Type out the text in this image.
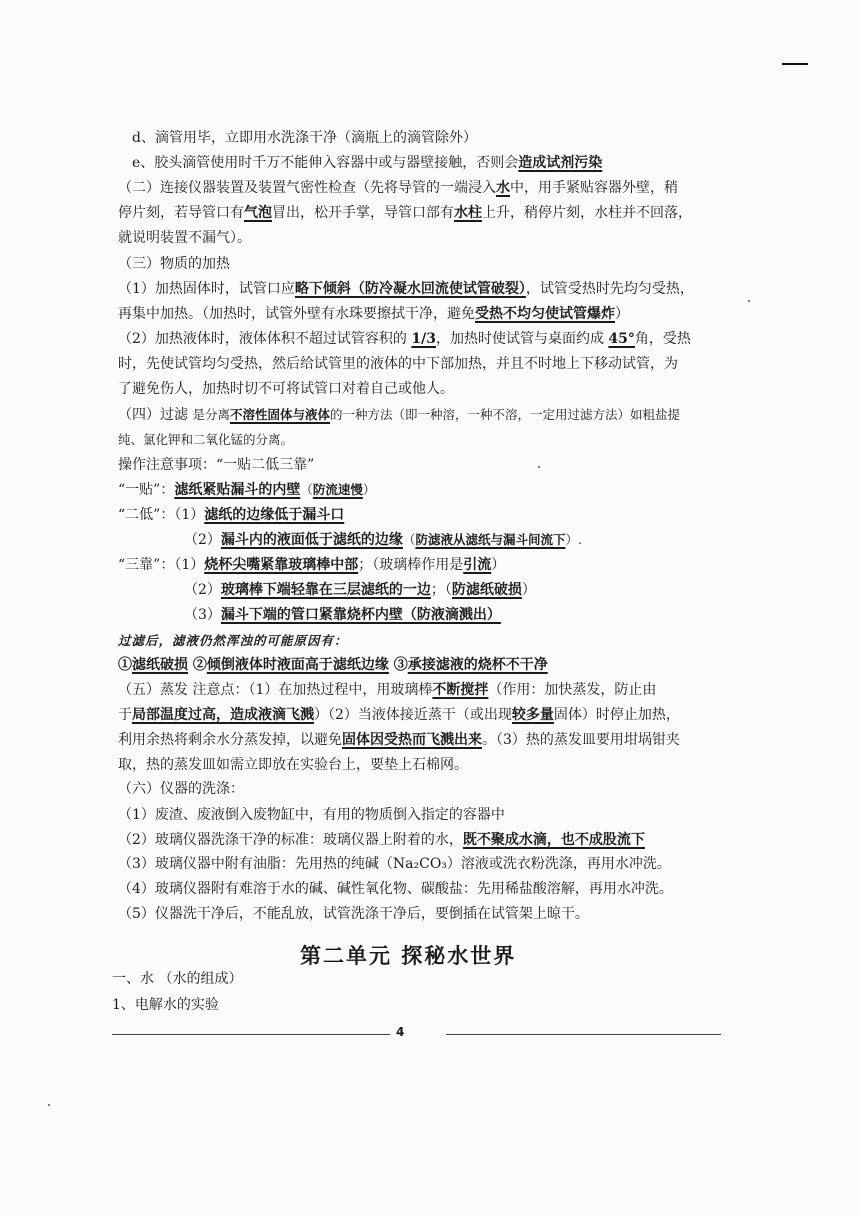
d、滴管用毕，立即用水洗涤干净（滴瓶上的滴管除外）
e、胶头滴管使用时千万不能伸入容器中或与器壁接触，否则会造成试剂污染
（二）连接仪器装置及装置气密性检查（先将导管的一端浸入水中，用手紧贴容器外壁，稍
停片刻，若导管口有气泡冒出，松开手掌，导管口部有水柱上升，稍停片刻，水柱并不回落，
就说明装置不漏气）。
（三）物质的加热
（1）加热固体时，试管口应略下倾斜（防冷凝水回流使试管破裂），试管受热时先均匀受热，
再集中加热。（加热时，试管外壁有水珠要擦拭干净，避免受热不均匀使试管爆炸）
（2）加热液体时，液体体积不超过试管容积的 1/3，加热时使试管与桌面约成 45°角，受热
时，先使试管均匀受热，然后给试管里的液体的中下部加热，并且不时地上下移动试管，为
了避免伤人，加热时切不可将试管口对着自己或他人。
（四）过滤 是分离不溶性固体与液体的一种方法（即一种溶，一种不溶，一定用过滤方法）如粗盐提
纯、氯化钾和二氧化锰的分离。
操作注意事项：“一贴二低三靠”
“一贴”：滤纸紧贴漏斗的内壁（防流速慢）
“二低”：（1）滤纸的边缘低于漏斗口
（2）漏斗内的液面低于滤纸的边缘（防滤液从滤纸与漏斗间流下）.
“三靠”：（1）烧杯尖嘴紧靠玻璃棒中部；（玻璃棒作用是引流）
（2）玻璃棒下端轻靠在三层滤纸的一边；（防滤纸破损）
（3）漏斗下端的管口紧靠烧杯内壁（防液滴溅出）
过滤后，滤液仍然浑浊的可能原因有：
①滤纸破损 ②倾倒液体时液面高于滤纸边缘 ③承接滤液的烧杯不干净
（五）蒸发 注意点：（1）在加热过程中，用玻璃棒不断搅拌（作用：加快蒸发，防止由
于局部温度过高，造成液滴飞溅）（2）当液体接近蒸干（或出现较多量固体）时停止加热，
利用余热将剩余水分蒸发掉，以避免固体因受热而飞溅出来。（3）热的蒸发皿要用坩埚钳夹
取，热的蒸发皿如需立即放在实验台上，要垫上石棉网。
（六）仪器的洗涤：
（1）废渣、废液倒入废物缸中，有用的物质倒入指定的容器中
（2）玻璃仪器洗涤干净的标准：玻璃仪器上附着的水，既不聚成水滴，也不成股流下
（3）玻璃仪器中附有油脂：先用热的纯碱（Na₂CO₃）溶液或洗衣粉洗涤，再用水冲洗。
（4）玻璃仪器附有难溶于水的碱、碱性氧化物、碳酸盐：先用稀盐酸溶解，再用水冲洗。
（5）仪器洗干净后，不能乱放，试管洗涤干净后，要倒插在试管架上晾干。
第二单元 探秘水世界
一、水 （水的组成）
1、电解水的实验
4
